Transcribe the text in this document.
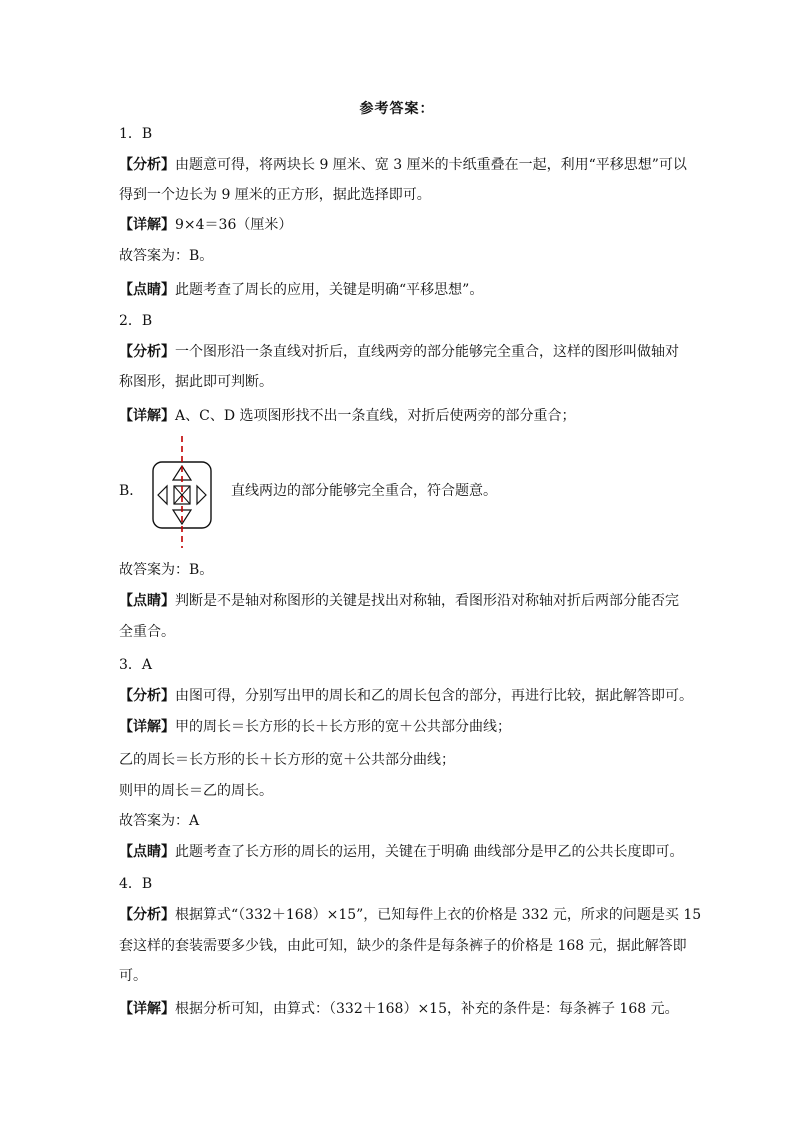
参考答案：
1．B
【分析】由题意可得，将两块长 9 厘米、宽 3 厘米的卡纸重叠在一起，利用“平移思想”可以
得到一个边长为 9 厘米的正方形，据此选择即可。
【详解】9×4＝36（厘米）
故答案为：B。
【点睛】此题考查了周长的应用，关键是明确“平移思想”。
2．B
【分析】一个图形沿一条直线对折后，直线两旁的部分能够完全重合，这样的图形叫做轴对
称图形，据此即可判断。
【详解】A、C、D 选项图形找不出一条直线，对折后使两旁的部分重合；
B．	直线两边的部分能够完全重合，符合题意。
故答案为：B。
【点睛】判断是不是轴对称图形的关键是找出对称轴，看图形沿对称轴对折后两部分能否完
全重合。
3．A
【分析】由图可得，分别写出甲的周长和乙的周长包含的部分，再进行比较，据此解答即可。
【详解】甲的周长＝长方形的长＋长方形的宽＋公共部分曲线；
乙的周长＝长方形的长＋长方形的宽＋公共部分曲线；
则甲的周长＝乙的周长。
故答案为：A
【点睛】此题考查了长方形的周长的运用，关键在于明确 曲线部分是甲乙的公共长度即可。
4．B
【分析】根据算式“（332＋168）×15”，已知每件上衣的价格是 332 元，所求的问题是买 15
套这样的套装需要多少钱，由此可知，缺少的条件是每条裤子的价格是 168 元，据此解答即
可。
【详解】根据分析可知，由算式：（332＋168）×15，补充的条件是：每条裤子 168 元。
